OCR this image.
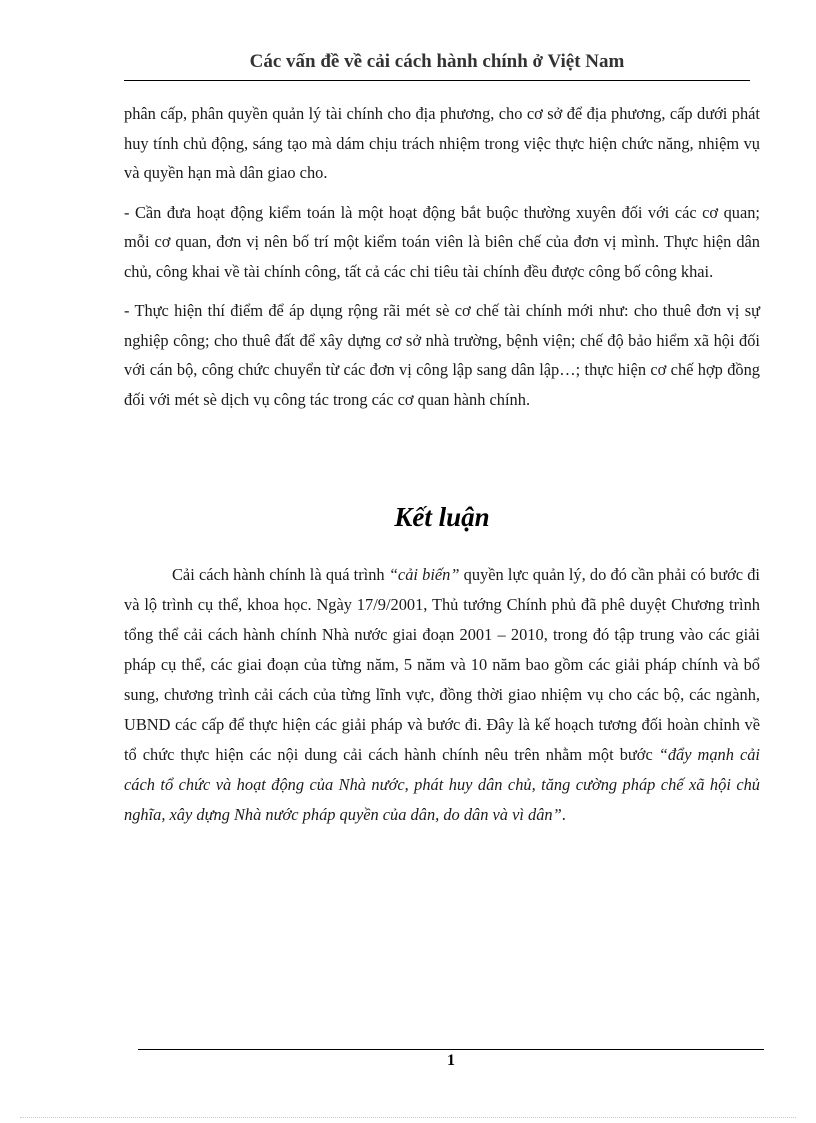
Các vấn đề về cải cách hành chính ở Việt Nam

phân cấp, phân quyền quản lý tài chính cho địa phương, cho cơ sở để địa phương, cấp dưới phát huy tính chủ động, sáng tạo mà dám chịu trách nhiệm trong việc thực hiện chức năng, nhiệm vụ và quyền hạn mà dân giao cho.

- Cần đưa hoạt động kiểm toán là một hoạt động bắt buộc thường xuyên đối với các cơ quan; mỗi cơ quan, đơn vị nên bố trí một kiểm toán viên là biên chế của đơn vị mình. Thực hiện dân chủ, công khai về tài chính công, tất cả các chi tiêu tài chính đều được công bố công khai.

- Thực hiện thí điểm để áp dụng rộng rãi mét sè cơ chế tài chính mới như: cho thuê đơn vị sự nghiệp công; cho thuê đất để xây dựng cơ sở nhà trường, bệnh viện; chế độ bảo hiểm xã hội đối với cán bộ, công chức chuyển từ các đơn vị công lập sang dân lập…; thực hiện cơ chế hợp đồng đối với mét sè dịch vụ công tác trong các cơ quan hành chính.

Kết luận

Cải cách hành chính là quá trình “cải biến” quyền lực quản lý, do đó cần phải có bước đi và lộ trình cụ thể, khoa học. Ngày 17/9/2001, Thủ tướng Chính phủ đã phê duyệt Chương trình tổng thể cải cách hành chính Nhà nước giai đoạn 2001 – 2010, trong đó tập trung vào các giải pháp cụ thể, các giai đoạn của từng năm, 5 năm và 10 năm bao gồm các giải pháp chính và bổ sung, chương trình cải cách của từng lĩnh vực, đồng thời giao nhiệm vụ cho các bộ, các ngành, UBND các cấp để thực hiện các giải pháp và bước đi. Đây là kế hoạch tương đối hoàn chỉnh về tổ chức thực hiện các nội dung cải cách hành chính nêu trên nhằm một bước “đẩy mạnh cải cách tổ chức và hoạt động của Nhà nước, phát huy dân chủ, tăng cường pháp chế xã hội chủ nghĩa, xây dựng Nhà nước pháp quyền của dân, do dân và vì dân”.

1
